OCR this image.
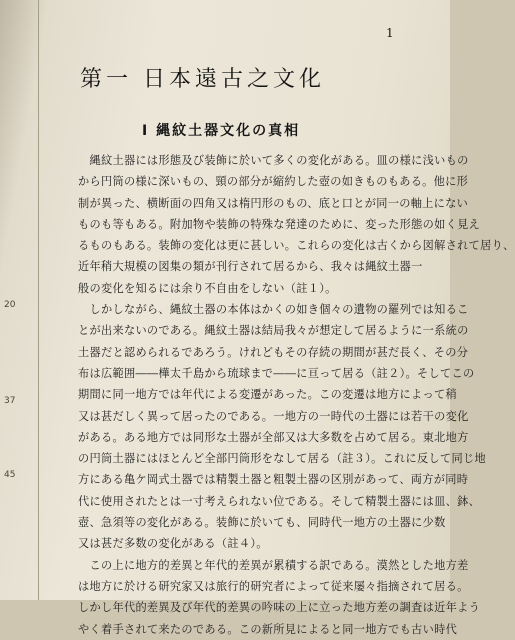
20
37
45
1
第一 日本遠古之文化
I 縄紋土器文化の真相
　縄紋土器には形態及び装飾に於いて多くの変化がある。皿の様に浅いもの
から円筒の様に深いもの、頸の部分が縮約した壺の如きものもある。他に形
制が異った、横断面の四角又は楕円形のもの、底と口とが同一の軸上にない
ものも等もある。附加物や装飾の特殊な発達のために、変った形態の如く見え
るものもある。装飾の変化は更に甚しい。これらの変化は古くから図解されて居り、
近年稍大規模の図集の類が刊行されて居るから、我々は縄紋土器一
般の変化を知るには余り不自由をしない（註１）。
　しかしながら、縄紋土器の本体はかくの如き個々の遺物の羅列では知るこ
とが出来ないのである。縄紋土器は結局我々が想定して居るように一系統の
土器だと認められるであろう。けれどもその存続の期間が甚だ長く、その分
布は広範囲――樺太千島から琉球まで――に亘って居る（註２）。そしてこの
期間に同一地方では年代による変遷があった。この変遷は地方によって稍
又は甚だしく異って居ったのである。一地方の一時代の土器には若干の変化
がある。ある地方では同形な土器が全部又は大多数を占めて居る。東北地方
の円筒土器にはほとんど全部円筒形をなして居る（註３）。これに反して同じ地
方にある亀ケ岡式土器では精製土器と粗製土器の区別があって、両方が同時
代に使用されたとは一寸考えられない位である。そして精製土器には皿、鉢、
壺、急須等の変化がある。装飾に於いても、同時代一地方の土器に少数
又は甚だ多数の変化がある（註４）。
　この上に地方的差異と年代的差異が累積する訳である。漠然とした地方差
は地方に於ける研究家又は旅行的研究者によって従来屡々指摘されて居る。
しかし年代的差異及び年代的差異の吟味の上に立った地方差の調査は近年よう
やく着手されて来たのである。この新所見によると同一地方でも古い時代
